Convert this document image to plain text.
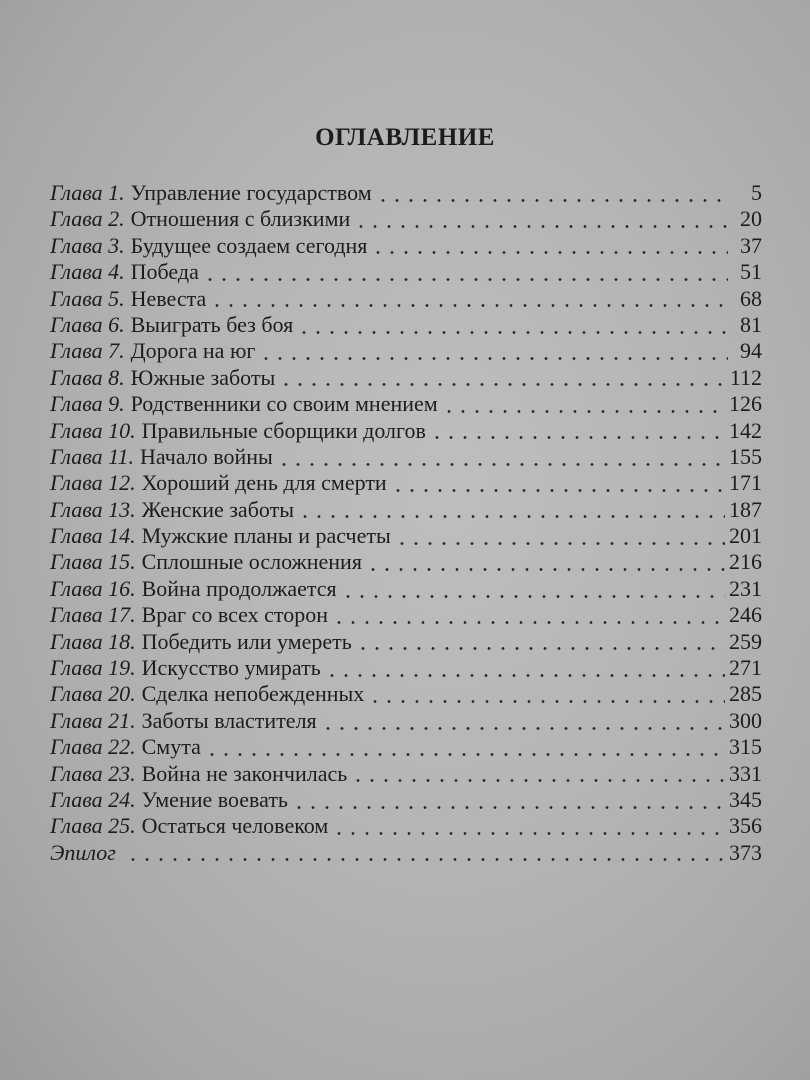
ОГЛАВЛЕНИЕ
Глава 1. Управление государством	5
Глава 2. Отношения с близкими	20
Глава 3. Будущее создаем сегодня	37
Глава 4. Победа	51
Глава 5. Невеста	68
Глава 6. Выиграть без боя	81
Глава 7. Дорога на юг	94
Глава 8. Южные заботы	112
Глава 9. Родственники со своим мнением	126
Глава 10. Правильные сборщики долгов	142
Глава 11. Начало войны	155
Глава 12. Хороший день для смерти	171
Глава 13. Женские заботы	187
Глава 14. Мужские планы и расчеты	201
Глава 15. Сплошные осложнения	216
Глава 16. Война продолжается	231
Глава 17. Враг со всех сторон	246
Глава 18. Победить или умереть	259
Глава 19. Искусство умирать	271
Глава 20. Сделка непобежденных	285
Глава 21. Заботы властителя	300
Глава 22. Смута	315
Глава 23. Война не закончилась	331
Глава 24. Умение воевать	345
Глава 25. Остаться человеком	356
Эпилог	373
